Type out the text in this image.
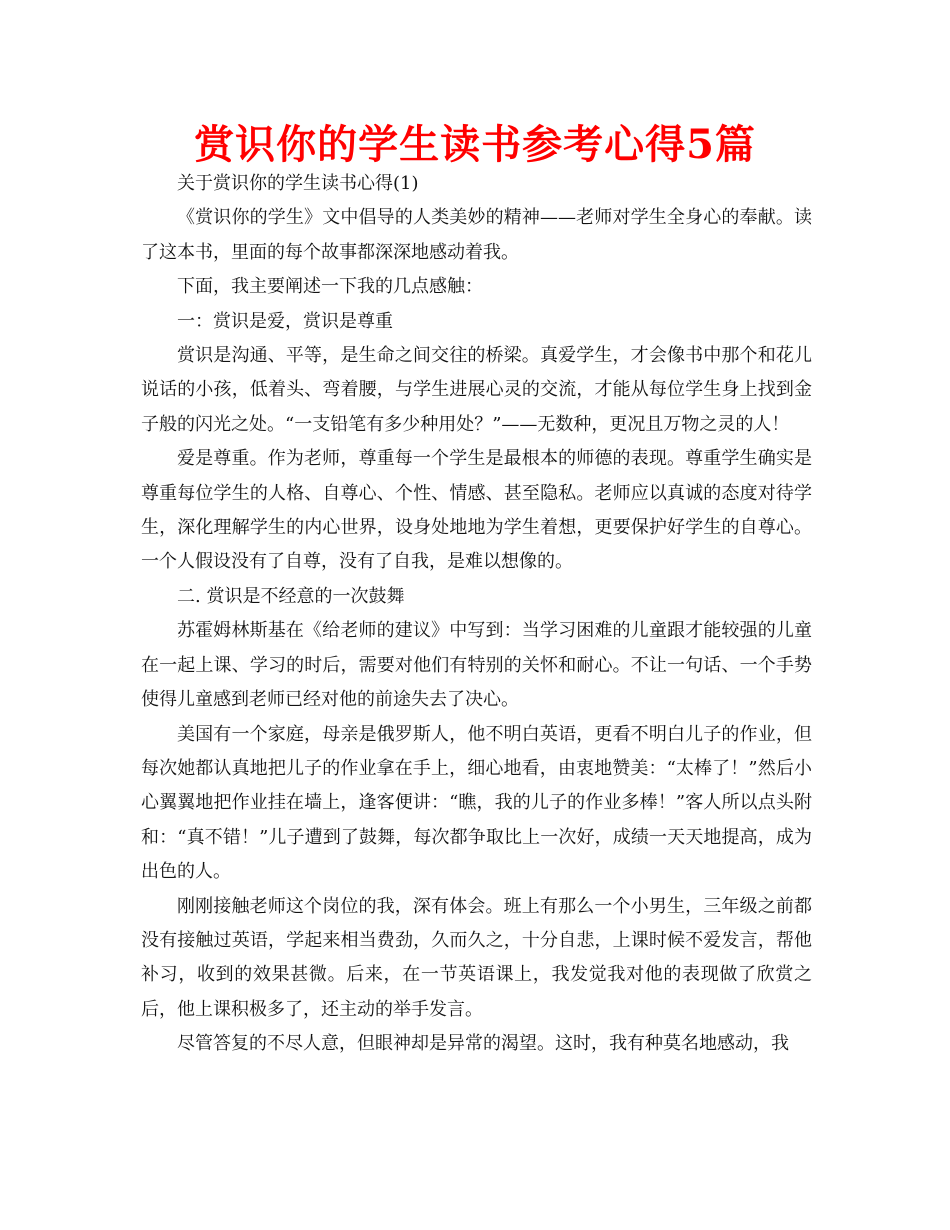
赏识你的学生读书参考心得5篇

关于赏识你的学生读书心得(1)

《赏识你的学生》文中倡导的人类美妙的精神——老师对学生全身心的奉献。读了这本书，里面的每个故事都深深地感动着我。

下面，我主要阐述一下我的几点感触：

一：赏识是爱，赏识是尊重

赏识是沟通、平等，是生命之间交往的桥梁。真爱学生，才会像书中那个和花儿说话的小孩，低着头、弯着腰，与学生进展心灵的交流，才能从每位学生身上找到金子般的闪光之处。“一支铅笔有多少种用处？”——无数种，更况且万物之灵的人！

爱是尊重。作为老师，尊重每一个学生是最根本的师德的表现。尊重学生确实是尊重每位学生的人格、自尊心、个性、情感、甚至隐私。老师应以真诚的态度对待学生，深化理解学生的内心世界，设身处地地为学生着想，更要保护好学生的自尊心。一个人假设没有了自尊，没有了自我，是难以想像的。

二. 赏识是不经意的一次鼓舞

苏霍姆林斯基在《给老师的建议》中写到：当学习困难的儿童跟才能较强的儿童在一起上课、学习的时后，需要对他们有特别的关怀和耐心。不让一句话、一个手势使得儿童感到老师已经对他的前途失去了决心。

美国有一个家庭，母亲是俄罗斯人，他不明白英语，更看不明白儿子的作业，但每次她都认真地把儿子的作业拿在手上，细心地看，由衷地赞美：“太棒了！”然后小心翼翼地把作业挂在墙上，逢客便讲：“瞧，我的儿子的作业多棒！”客人所以点头附和：“真不错！”儿子遭到了鼓舞，每次都争取比上一次好，成绩一天天地提高，成为出色的人。

刚刚接触老师这个岗位的我，深有体会。班上有那么一个小男生，三年级之前都没有接触过英语，学起来相当费劲，久而久之，十分自悲，上课时候不爱发言，帮他补习，收到的效果甚微。后来，在一节英语课上，我发觉我对他的表现做了欣赏之后，他上课积极多了，还主动的举手发言。

尽管答复的不尽人意，但眼神却是异常的渴望。这时，我有种莫名地感动，我
